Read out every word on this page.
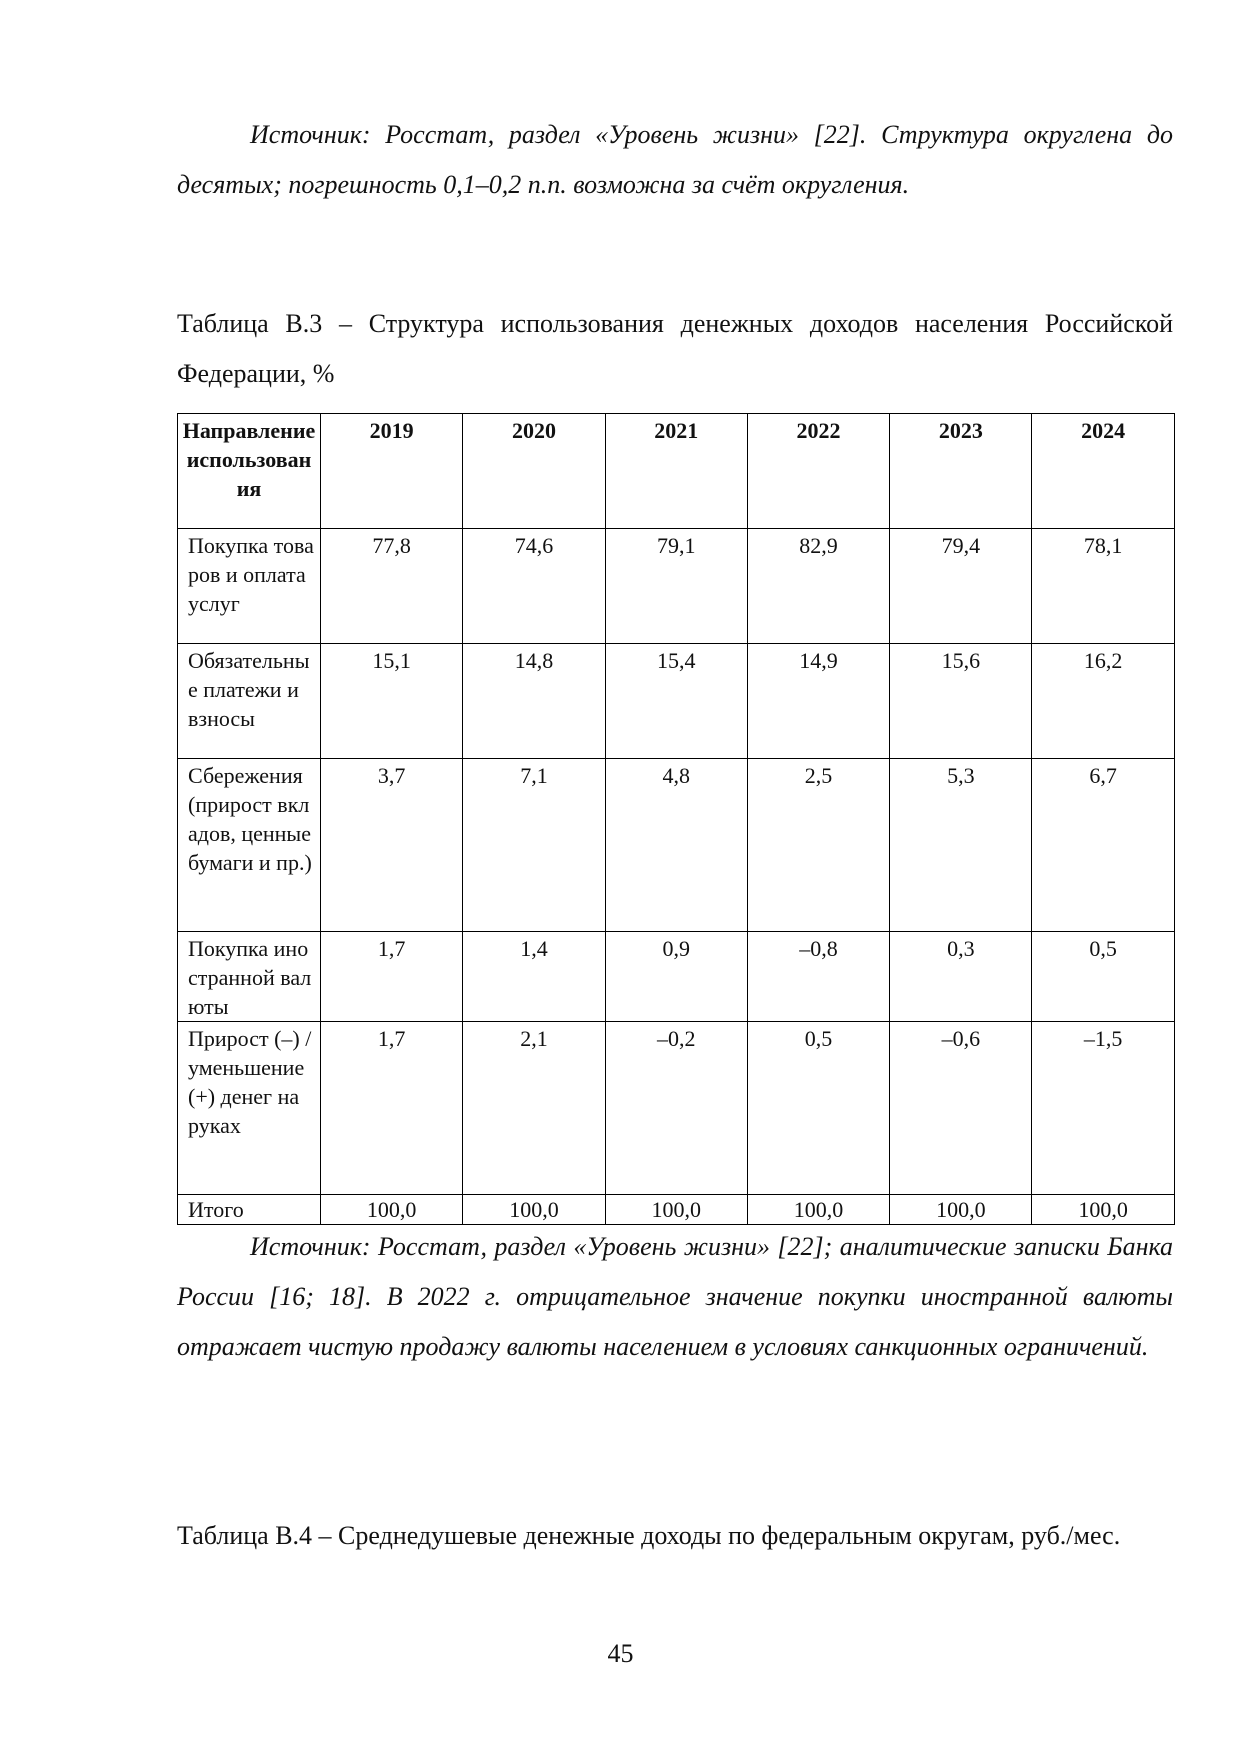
Источник: Росстат, раздел «Уровень жизни» [22]. Структура округлена до десятых; погрешность 0,1–0,2 п.п. возможна за счёт округления.

Таблица В.3 – Структура использования денежных доходов населения Российской Федерации, %

Направление использования	2019	2020	2021	2022	2023	2024
Покупка товаров и оплата услуг	77,8	74,6	79,1	82,9	79,4	78,1
Обязательные платежи и взносы	15,1	14,8	15,4	14,9	15,6	16,2
Сбережения (прирост вкладов, ценные бумаги и пр.)	3,7	7,1	4,8	2,5	5,3	6,7
Покупка иностранной валюты	1,7	1,4	0,9	–0,8	0,3	0,5
Прирост (–) / уменьшение (+) денег на руках	1,7	2,1	–0,2	0,5	–0,6	–1,5
Итого	100,0	100,0	100,0	100,0	100,0	100,0

Источник: Росстат, раздел «Уровень жизни» [22]; аналитические записки Банка России [16; 18]. В 2022 г. отрицательное значение покупки иностранной валюты отражает чистую продажу валюты населением в условиях санкционных ограничений.

Таблица В.4 – Среднедушевые денежные доходы по федеральным округам, руб./мес.

45
